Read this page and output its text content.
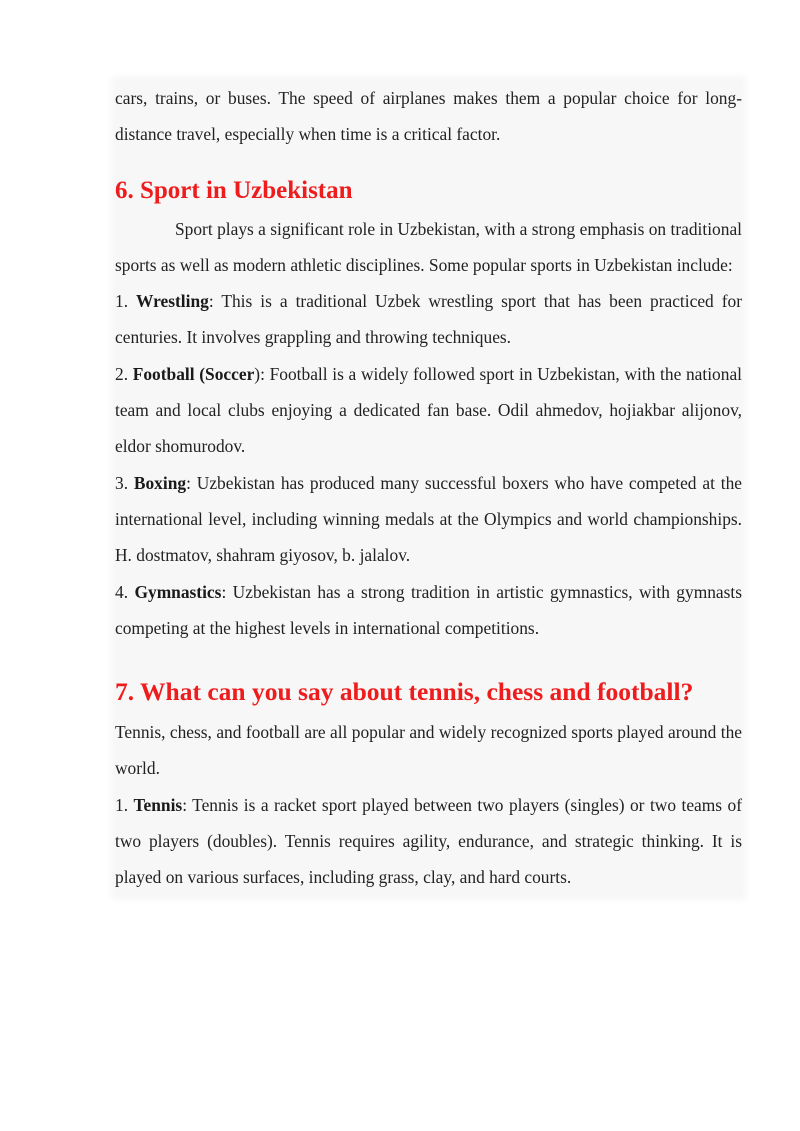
cars, trains, or buses. The speed of airplanes makes them a popular choice for long-distance travel, especially when time is a critical factor.

6. Sport in Uzbekistan

Sport plays a significant role in Uzbekistan, with a strong emphasis on traditional sports as well as modern athletic disciplines. Some popular sports in Uzbekistan include:

1. Wrestling: This is a traditional Uzbek wrestling sport that has been practiced for centuries. It involves grappling and throwing techniques.

2. Football (Soccer): Football is a widely followed sport in Uzbekistan, with the national team and local clubs enjoying a dedicated fan base. Odil ahmedov, hojiakbar alijonov, eldor shomurodov.

3. Boxing: Uzbekistan has produced many successful boxers who have competed at the international level, including winning medals at the Olympics and world championships. H. dostmatov, shahram giyosov, b. jalalov.

4. Gymnastics: Uzbekistan has a strong tradition in artistic gymnastics, with gymnasts competing at the highest levels in international competitions.

7. What can you say about tennis, chess and football?

Tennis, chess, and football are all popular and widely recognized sports played around the world.

1. Tennis: Tennis is a racket sport played between two players (singles) or two teams of two players (doubles). Tennis requires agility, endurance, and strategic thinking. It is played on various surfaces, including grass, clay, and hard courts.
